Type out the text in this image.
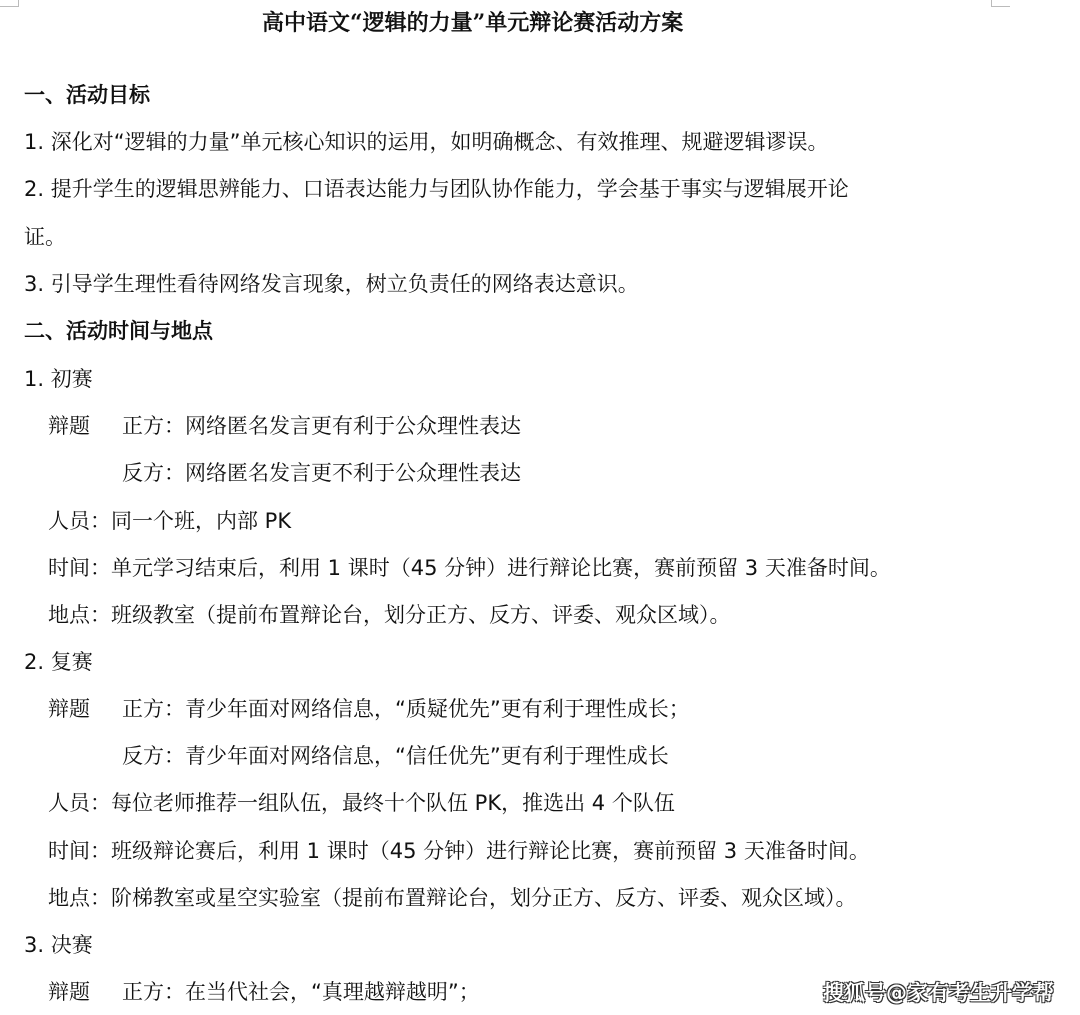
高中语文“逻辑的力量”单元辩论赛活动方案
一、活动目标
1. 深化对“逻辑的力量”单元核心知识的运用，如明确概念、有效推理、规避逻辑谬误。
2. 提升学生的逻辑思辨能力、口语表达能力与团队协作能力，学会基于事实与逻辑展开论
证。
3. 引导学生理性看待网络发言现象，树立负责任的网络表达意识。
二、活动时间与地点
1. 初赛
辩题 正方：网络匿名发言更有利于公众理性表达
反方：网络匿名发言更不利于公众理性表达
人员：同一个班，内部 PK
时间：单元学习结束后，利用 1 课时（45 分钟）进行辩论比赛，赛前预留 3 天准备时间。
地点：班级教室（提前布置辩论台，划分正方、反方、评委、观众区域）。
2. 复赛
辩题 正方：青少年面对网络信息，“质疑优先”更有利于理性成长；
反方：青少年面对网络信息，“信任优先”更有利于理性成长
人员：每位老师推荐一组队伍，最终十个队伍 PK，推选出 4 个队伍
时间：班级辩论赛后，利用 1 课时（45 分钟）进行辩论比赛，赛前预留 3 天准备时间。
地点：阶梯教室或星空实验室（提前布置辩论台，划分正方、反方、评委、观众区域）。
3. 决赛
辩题 正方：在当代社会，“真理越辩越明”；	搜狐号@家有考生升学帮
